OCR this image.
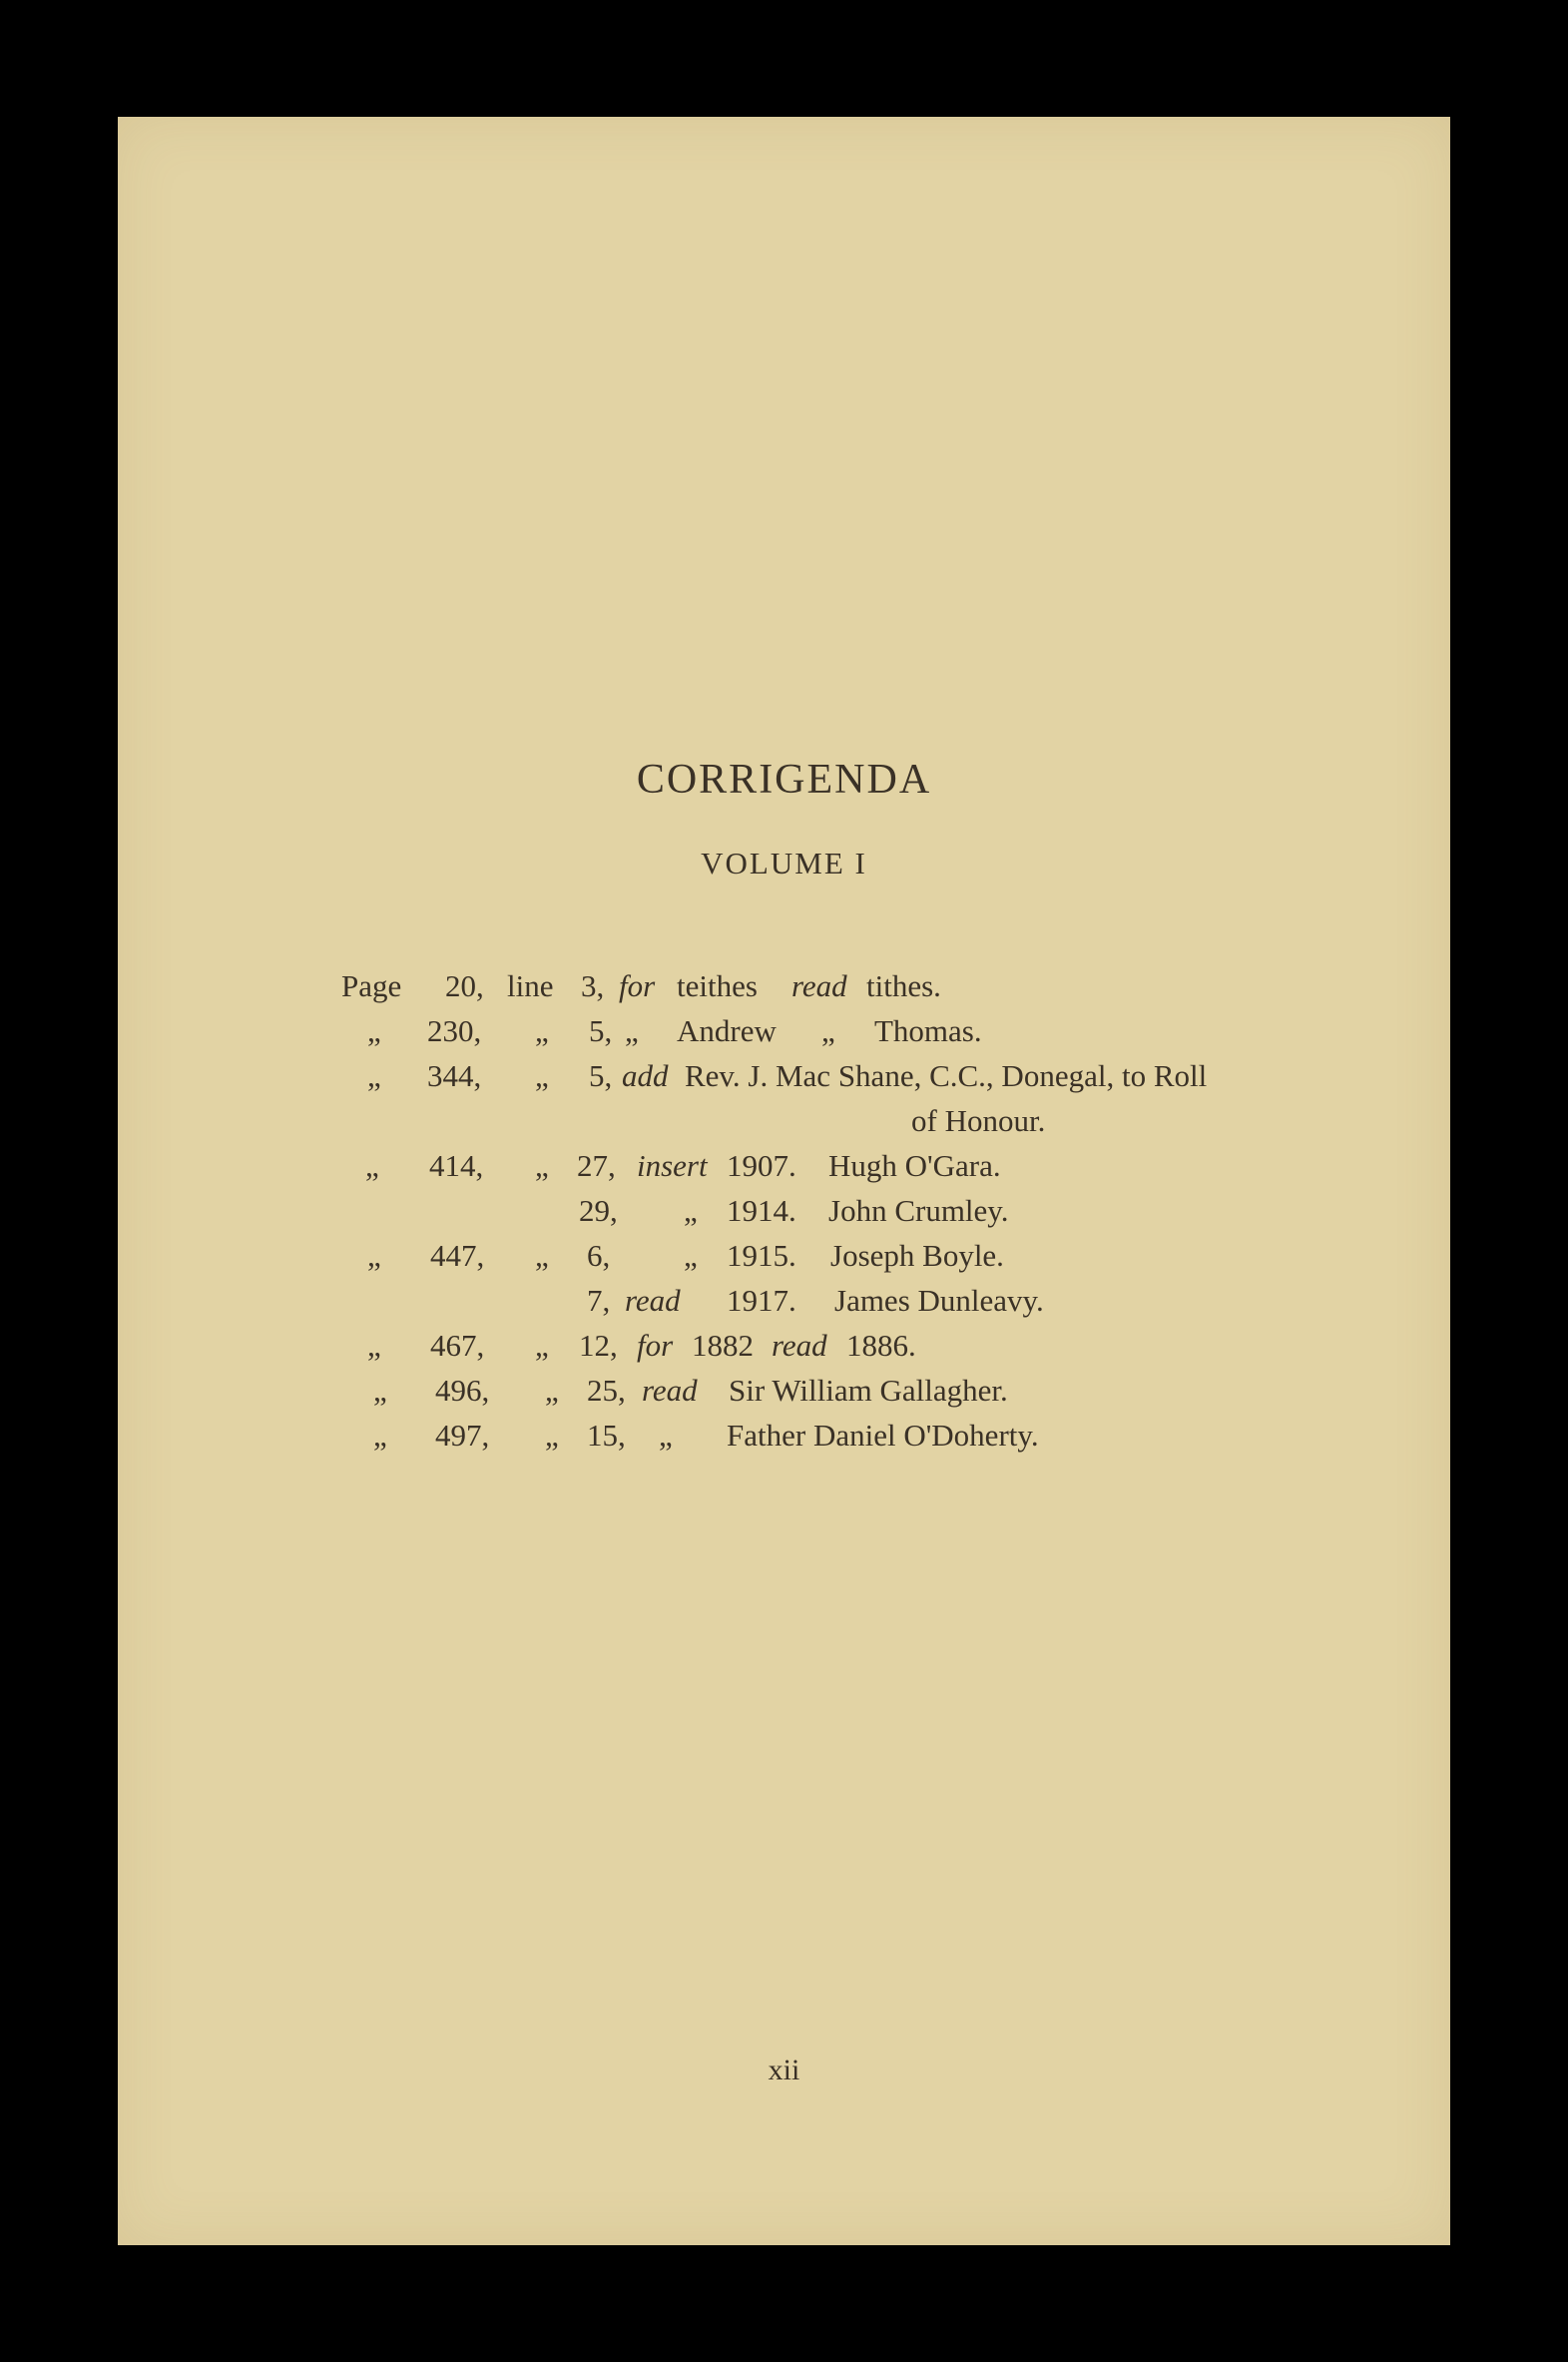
CORRIGENDA
VOLUME I
Page 20, line 3, for teithes read tithes.
„ 230, „ 5, „ Andrew „ Thomas.
„ 344, „ 5, add Rev. J. Mac Shane, C.C., Donegal, to Roll
of Honour.
„ 414, „ 27, insert 1907. Hugh O'Gara.
29, „ 1914. John Crumley.
„ 447, „ 6, „ 1915. Joseph Boyle.
7, read 1917. James Dunleavy.
„ 467, „ 12, for 1882 read 1886.
„ 496, „ 25, read Sir William Gallagher.
„ 497, „ 15, „ Father Daniel O'Doherty.
xii
